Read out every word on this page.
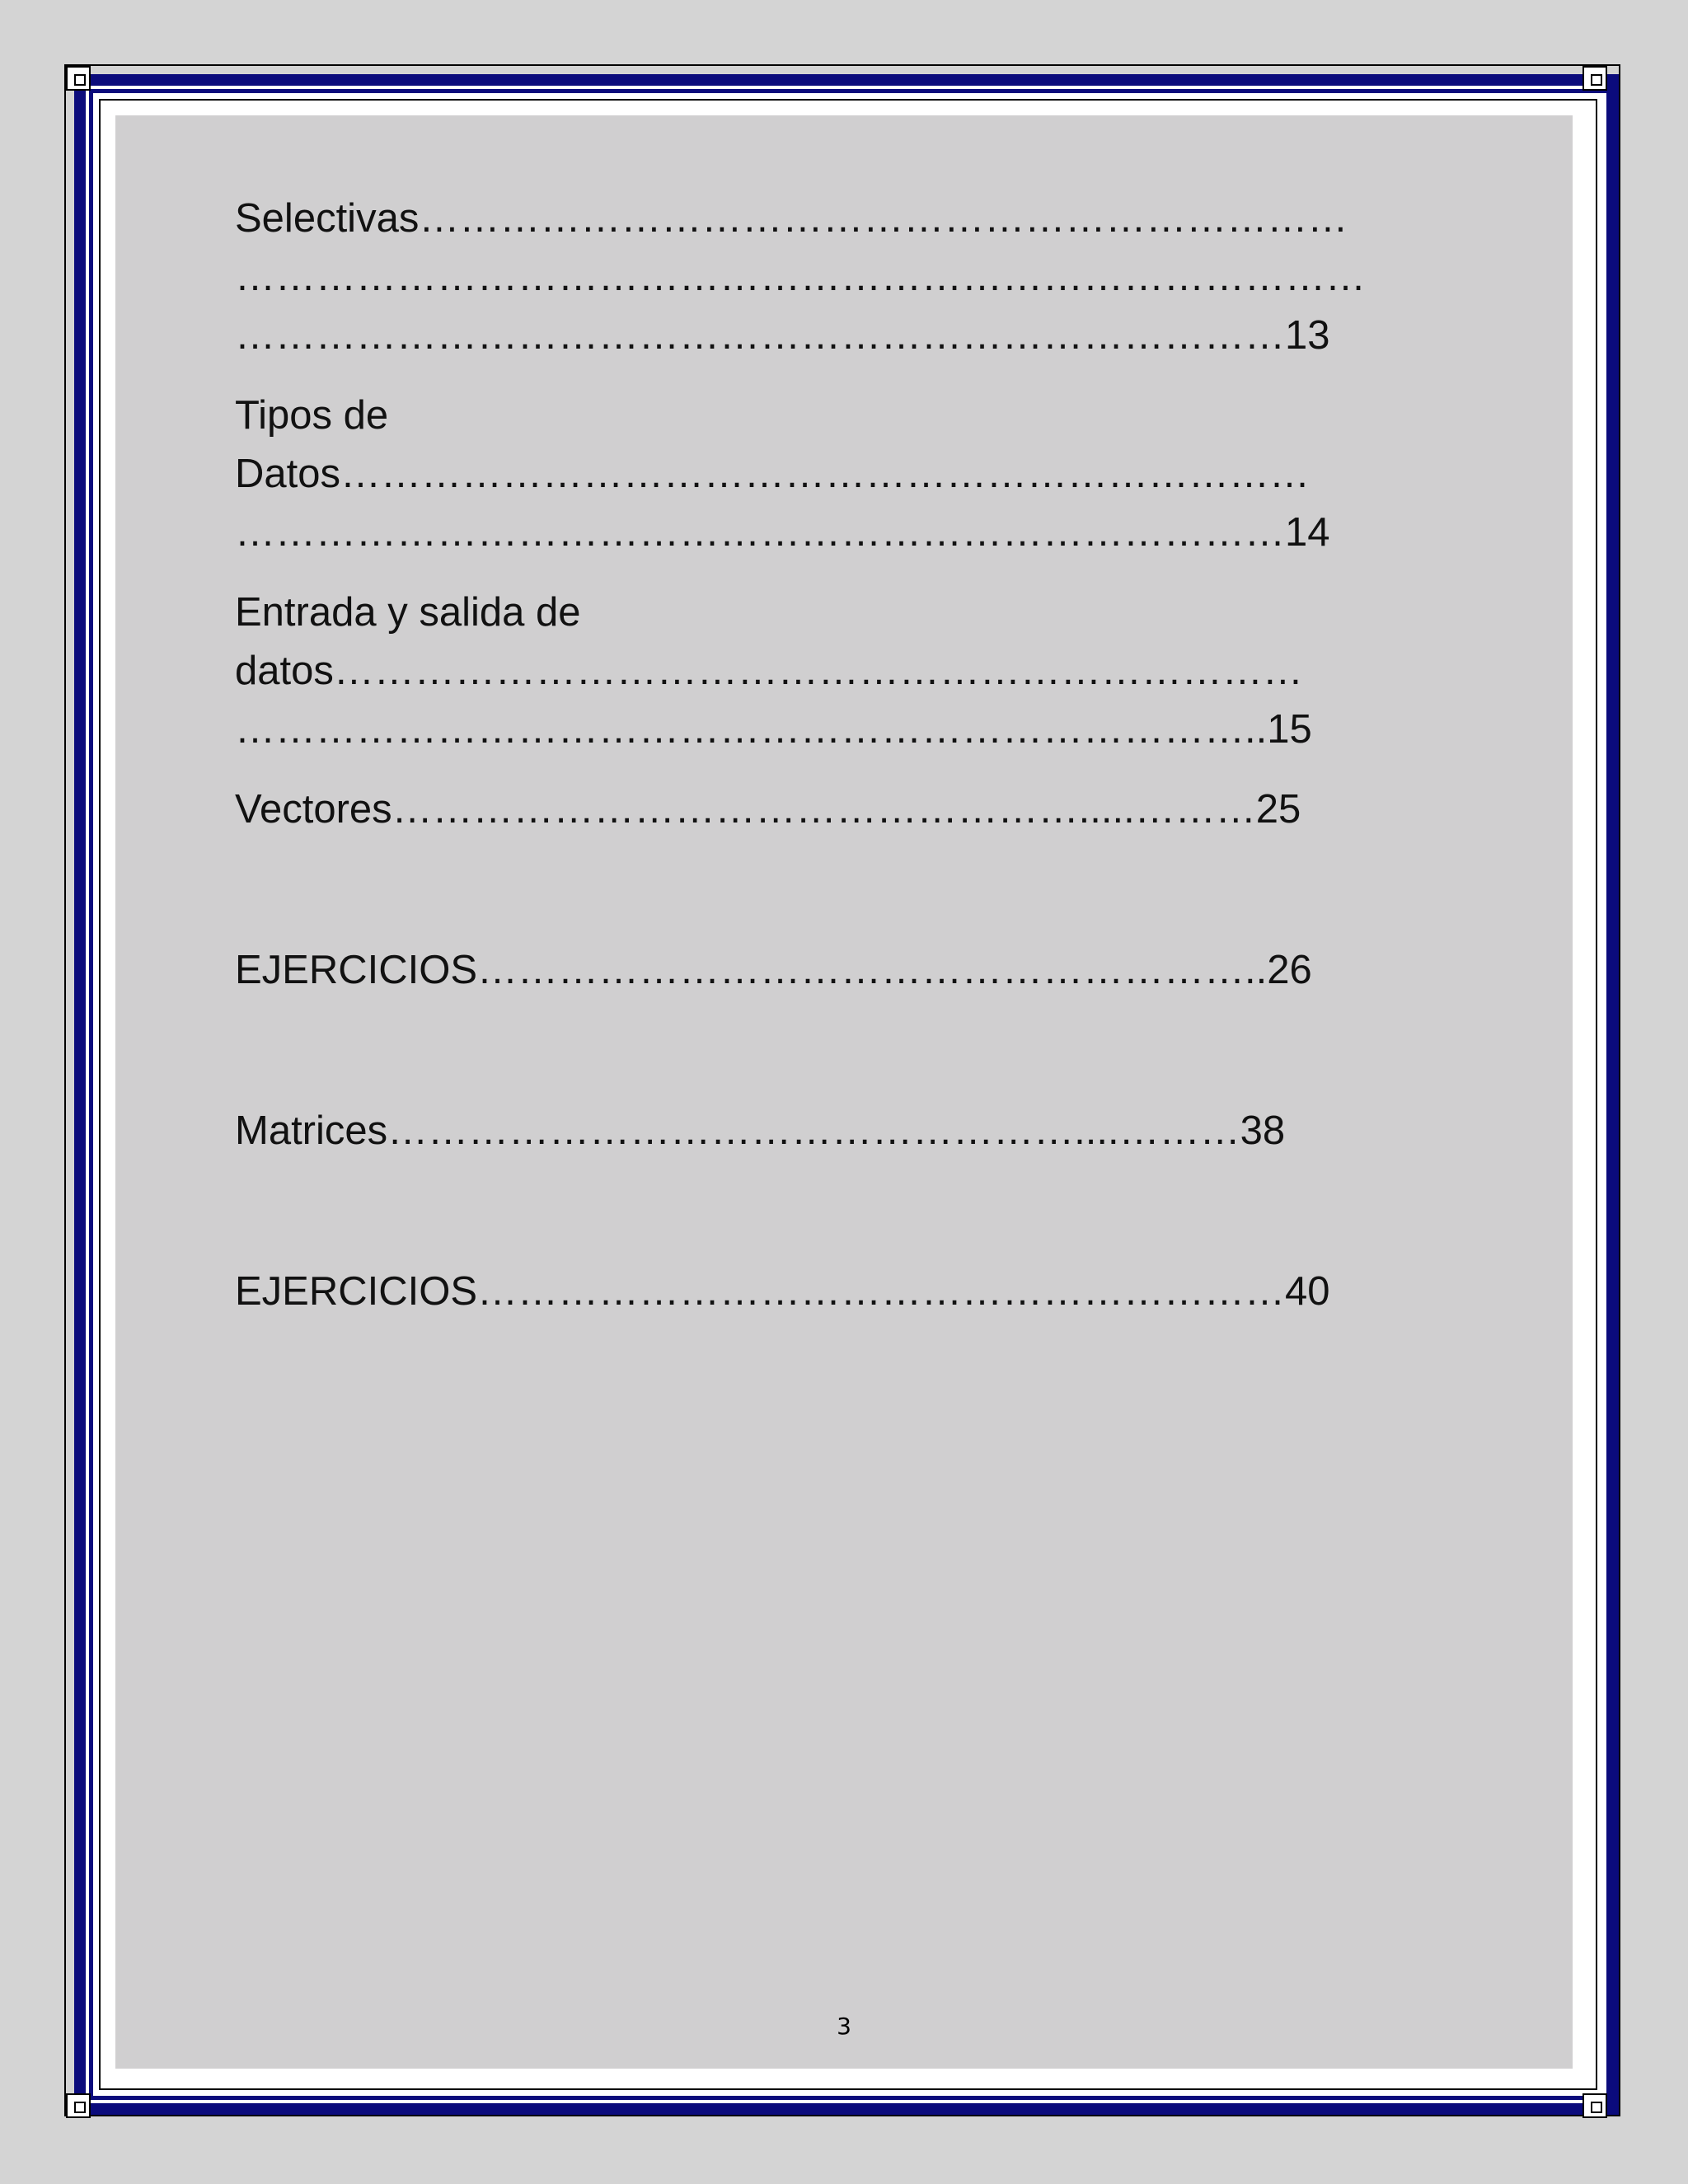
Selectivas……………………………………………………………

…………………………………………………………………………

……………………………………………………………………13

Tipos de

Datos………………………………………………………………

……………………………………………………………………14

Entrada y salida de

datos………………………………………………………………

…………………………………………………………………..15

Vectores…………………………………………….....………25

EJERCICIOS…………………………………………………..26

Matrices……………………………………………....………38

EJERCICIOS……………………………………………………40

3
